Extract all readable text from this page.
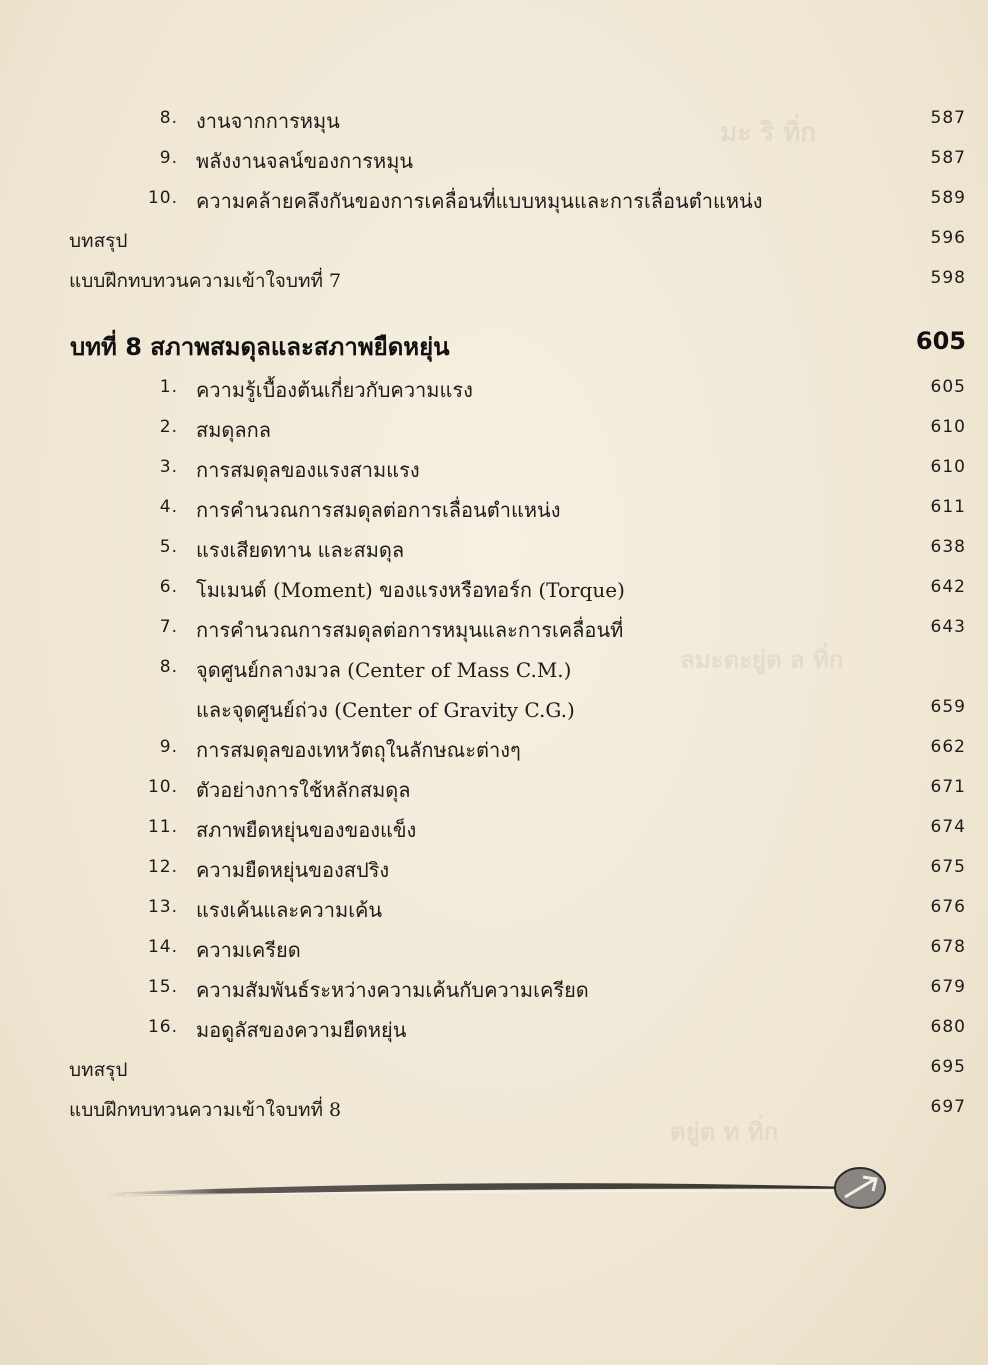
มะ ริ ทิ่ก
ลมะตะยู่ต ล ทิ่ก
ตยู่ต ท ทิ่ก
8. งานจากการหมุน	587
9. พลังงานจลน์ของการหมุน	587
10. ความคล้ายคลึงกันของการเคลื่อนที่แบบหมุนและการเลื่อนตำแหน่ง	589
บทสรุป	596
แบบฝึกทบทวนความเข้าใจบทที่ 7	598
บทที่ 8 สภาพสมดุลและสภาพยืดหยุ่น	605
1. ความรู้เบื้องต้นเกี่ยวกับความแรง	605
2. สมดุลกล	610
3. การสมดุลของแรงสามแรง	610
4. การคำนวณการสมดุลต่อการเลื่อนตำแหน่ง	611
5. แรงเสียดทาน และสมดุล	638
6. โมเมนต์ (Moment) ของแรงหรือทอร์ก (Torque)	642
7. การคำนวณการสมดุลต่อการหมุนและการเคลื่อนที่	643
8. จุดศูนย์กลางมวล (Center of Mass C.M.)
และจุดศูนย์ถ่วง (Center of Gravity C.G.)	659
9. การสมดุลของเทหวัตถุในลักษณะต่างๆ	662
10. ตัวอย่างการใช้หลักสมดุล	671
11. สภาพยืดหยุ่นของของแข็ง	674
12. ความยืดหยุ่นของสปริง	675
13. แรงเค้นและความเค้น	676
14. ความเครียด	678
15. ความสัมพันธ์ระหว่างความเค้นกับความเครียด	679
16. มอดูลัสของความยืดหยุ่น	680
บทสรุป	695
แบบฝึกทบทวนความเข้าใจบทที่ 8	697
